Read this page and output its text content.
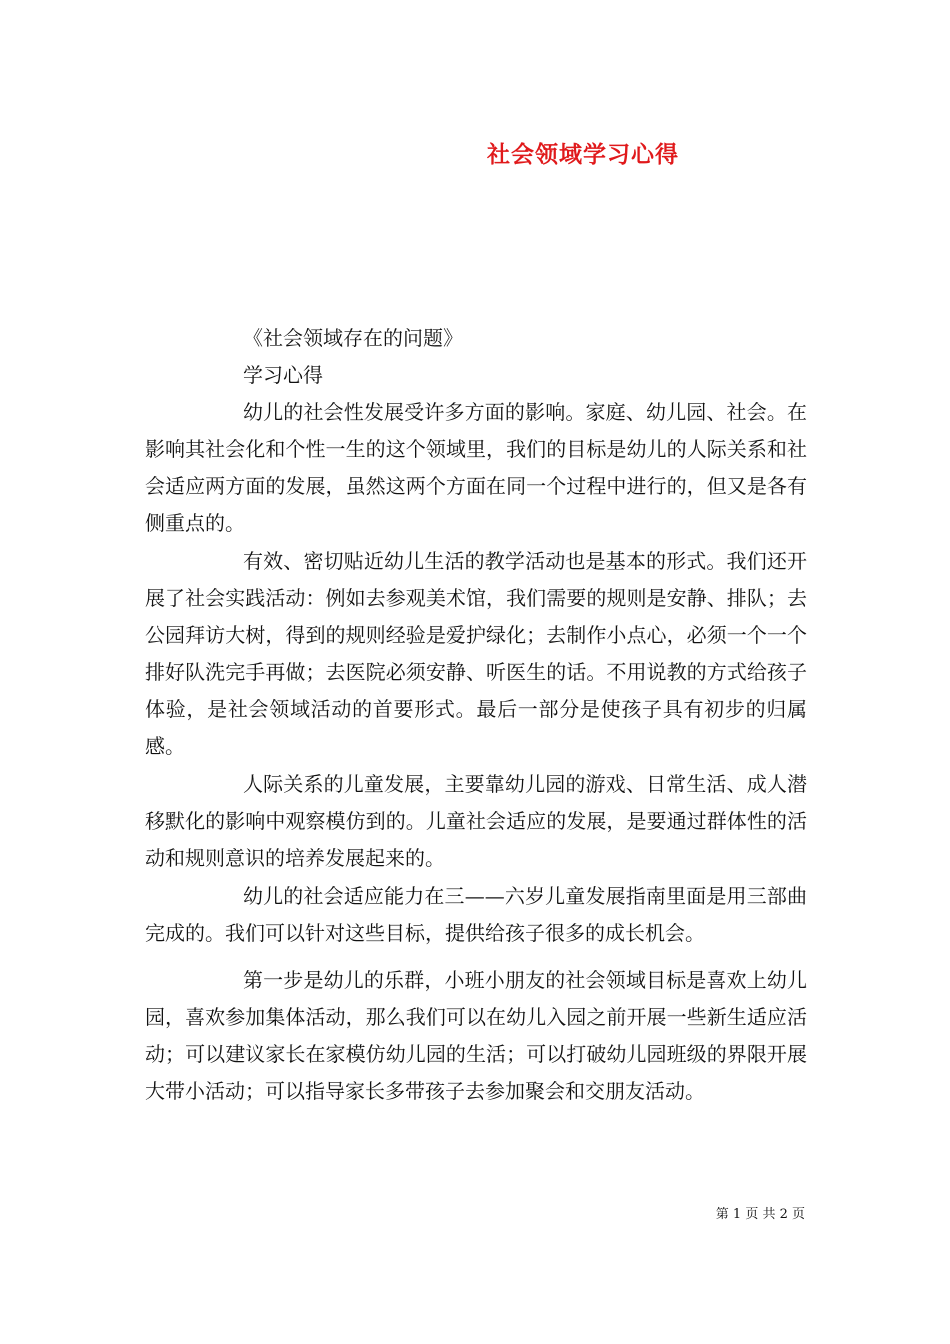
社会领域学习心得

《社会领域存在的问题》

学习心得

幼儿的社会性发展受许多方面的影响。家庭、幼儿园、社会。在影响其社会化和个性一生的这个领域里，我们的目标是幼儿的人际关系和社会适应两方面的发展，虽然这两个方面在同一个过程中进行的，但又是各有侧重点的。

有效、密切贴近幼儿生活的教学活动也是基本的形式。我们还开展了社会实践活动：例如去参观美术馆，我们需要的规则是安静、排队；去公园拜访大树，得到的规则经验是爱护绿化；去制作小点心，必须一个一个排好队洗完手再做；去医院必须安静、听医生的话。不用说教的方式给孩子体验，是社会领域活动的首要形式。最后一部分是使孩子具有初步的归属感。

人际关系的儿童发展，主要靠幼儿园的游戏、日常生活、成人潜移默化的影响中观察模仿到的。儿童社会适应的发展，是要通过群体性的活动和规则意识的培养发展起来的。

幼儿的社会适应能力在三——六岁儿童发展指南里面是用三部曲完成的。我们可以针对这些目标，提供给孩子很多的成长机会。

第一步是幼儿的乐群，小班小朋友的社会领域目标是喜欢上幼儿园，喜欢参加集体活动，那么我们可以在幼儿入园之前开展一些新生适应活动；可以建议家长在家模仿幼儿园的生活；可以打破幼儿园班级的界限开展大带小活动；可以指导家长多带孩子去参加聚会和交朋友活动。

第 1 页 共 2 页
